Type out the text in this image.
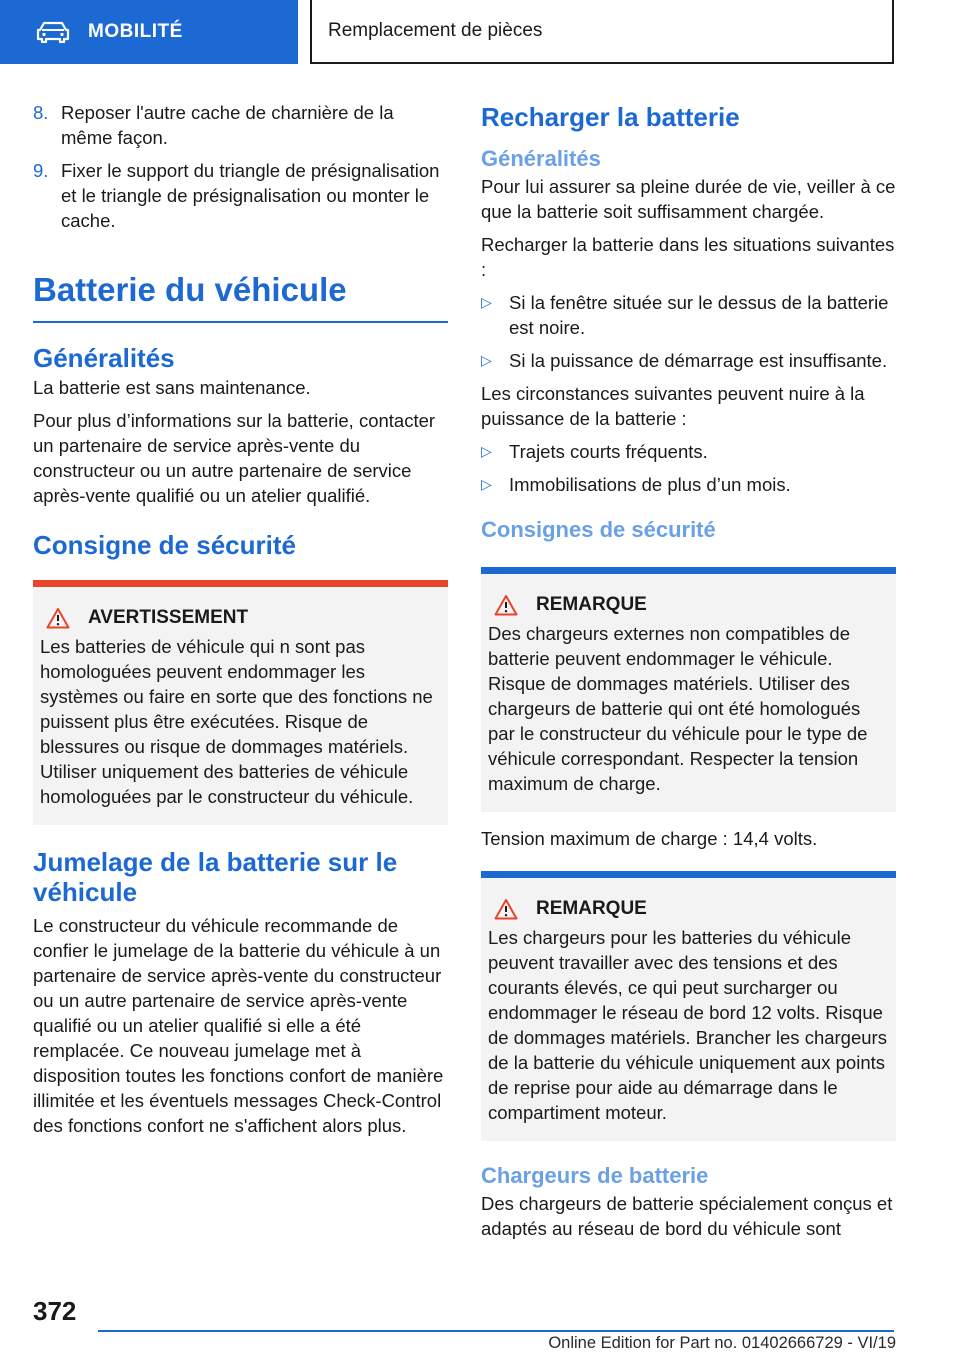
MOBILITÉ	Remplacement de pièces
8. Reposer l'autre cache de charnière de la même façon.
9. Fixer le support du triangle de présignalisation et le triangle de présignalisation ou monter le cache.
Batterie du véhicule
Généralités

La batterie est sans maintenance.

Pour plus d’informations sur la batterie, contacter un partenaire de service après-vente du constructeur ou un autre partenaire de service après-vente qualifié ou un atelier qualifié.

Consigne de sécurité
AVERTISSEMENT
Les batteries de véhicule qui n sont pas homologuées peuvent endommager les systèmes ou faire en sorte que des fonctions ne puissent plus être exécutées. Risque de blessures ou risque de dommages matériels. Utiliser uniquement des batteries de véhicule homologuées par le constructeur du véhicule.
Jumelage de la batterie sur le véhicule

Le constructeur du véhicule recommande de confier le jumelage de la batterie du véhicule à un partenaire de service après-vente du constructeur ou un autre partenaire de service après-vente qualifié ou un atelier qualifié si elle a été remplacée. Ce nouveau jumelage met à disposition toutes les fonctions confort de manière illimitée et les éventuels messages Check-Control des fonctions confort ne s'affichent alors plus.

Recharger la batterie
Généralités

Pour lui assurer sa pleine durée de vie, veiller à ce que la batterie soit suffisamment chargée.

Recharger la batterie dans les situations suivantes :

▷ Si la fenêtre située sur le dessus de la batterie est noire.
▷ Si la puissance de démarrage est insuffisante.

Les circonstances suivantes peuvent nuire à la puissance de la batterie :

▷ Trajets courts fréquents.
▷ Immobilisations de plus d’un mois.
Consignes de sécurité
REMARQUE
Des chargeurs externes non compatibles de batterie peuvent endommager le véhicule. Risque de dommages matériels. Utiliser des chargeurs de batterie qui ont été homologués par le constructeur du véhicule pour le type de véhicule correspondant. Respecter la tension maximum de charge.

Tension maximum de charge : 14,4 volts.

REMARQUE
Les chargeurs pour les batteries du véhicule peuvent travailler avec des tensions et des courants élevés, ce qui peut surcharger ou endommager le réseau de bord 12 volts. Risque de dommages matériels. Brancher les chargeurs de la batterie du véhicule uniquement aux points de reprise pour aide au démarrage dans le compartiment moteur.
Chargeurs de batterie

Des chargeurs de batterie spécialement conçus et adaptés au réseau de bord du véhicule sont

372
Online Edition for Part no. 01402666729 - VI/19
